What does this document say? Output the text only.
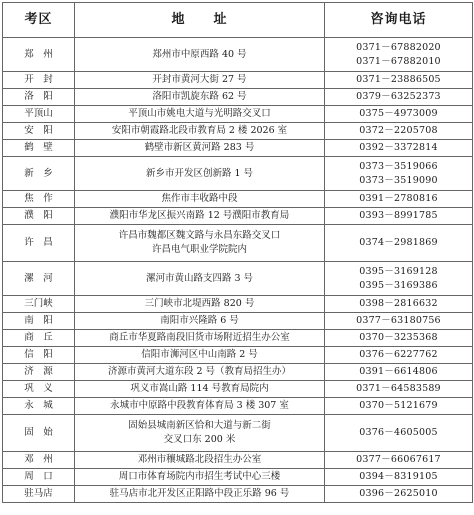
考区	地　　址	咨询电话
郑　州	郑州市中原西路 40 号	0371－67882020
0371－67882010

开　封	开封市黄河大街 27 号	0371－23886505

洛　阳	洛阳市凯旋东路 62 号	0379－63252373

平顶山	平顶山市姚电大道与光明路交叉口	0375－4973009

安　阳	安阳市朝霞路北段市教育局 2 楼 2026 室	0372－2205708

鹤　壁	鹤壁市新区黄河路 283 号	0392－3372814

新　乡	新乡市开发区创新路 1 号	0373－3519066
0373－3519090

焦　作	焦作市丰收路中段	0391－2780816

濮　阳	濮阳市华龙区振兴南路 12 号濮阳市教育局	0393－8991785

许　昌	许昌市魏都区魏文路与永昌东路交叉口
许昌电气职业学院院内	0374－2981869

漯　河	漯河市黄山路支四路 3 号	0395－3169128
0395－3169386

三门峡	三门峡市北堤西路 820 号	0398－2816632

南　阳	南阳市兴隆路 6 号	0377－63180756

商　丘	商丘市华夏路南段旧货市场附近招生办公室	0370－3235368

信　阳	信阳市浉河区中山南路 2 号	0376－6227762

济　源	济源市黄河大道东段 2 号（教育局招生办）	0391－6614806

巩　义	巩义市嵩山路 114 号教育局院内	0371－64583589

永　城	永城市中原路中段教育体育局 3 楼 307 室	0370－5121679

固　始	固始县城南新区恰和大道与新二街
交叉口东 200 米	0376－4605005

邓　州	邓州市穰城路北段招生办公室	0377－66067617

周　口	周口市体育场院内市招生考试中心三楼	0394－8319105

驻马店	驻马店市北开发区正阳路中段正乐路 96 号	0396－2625010
